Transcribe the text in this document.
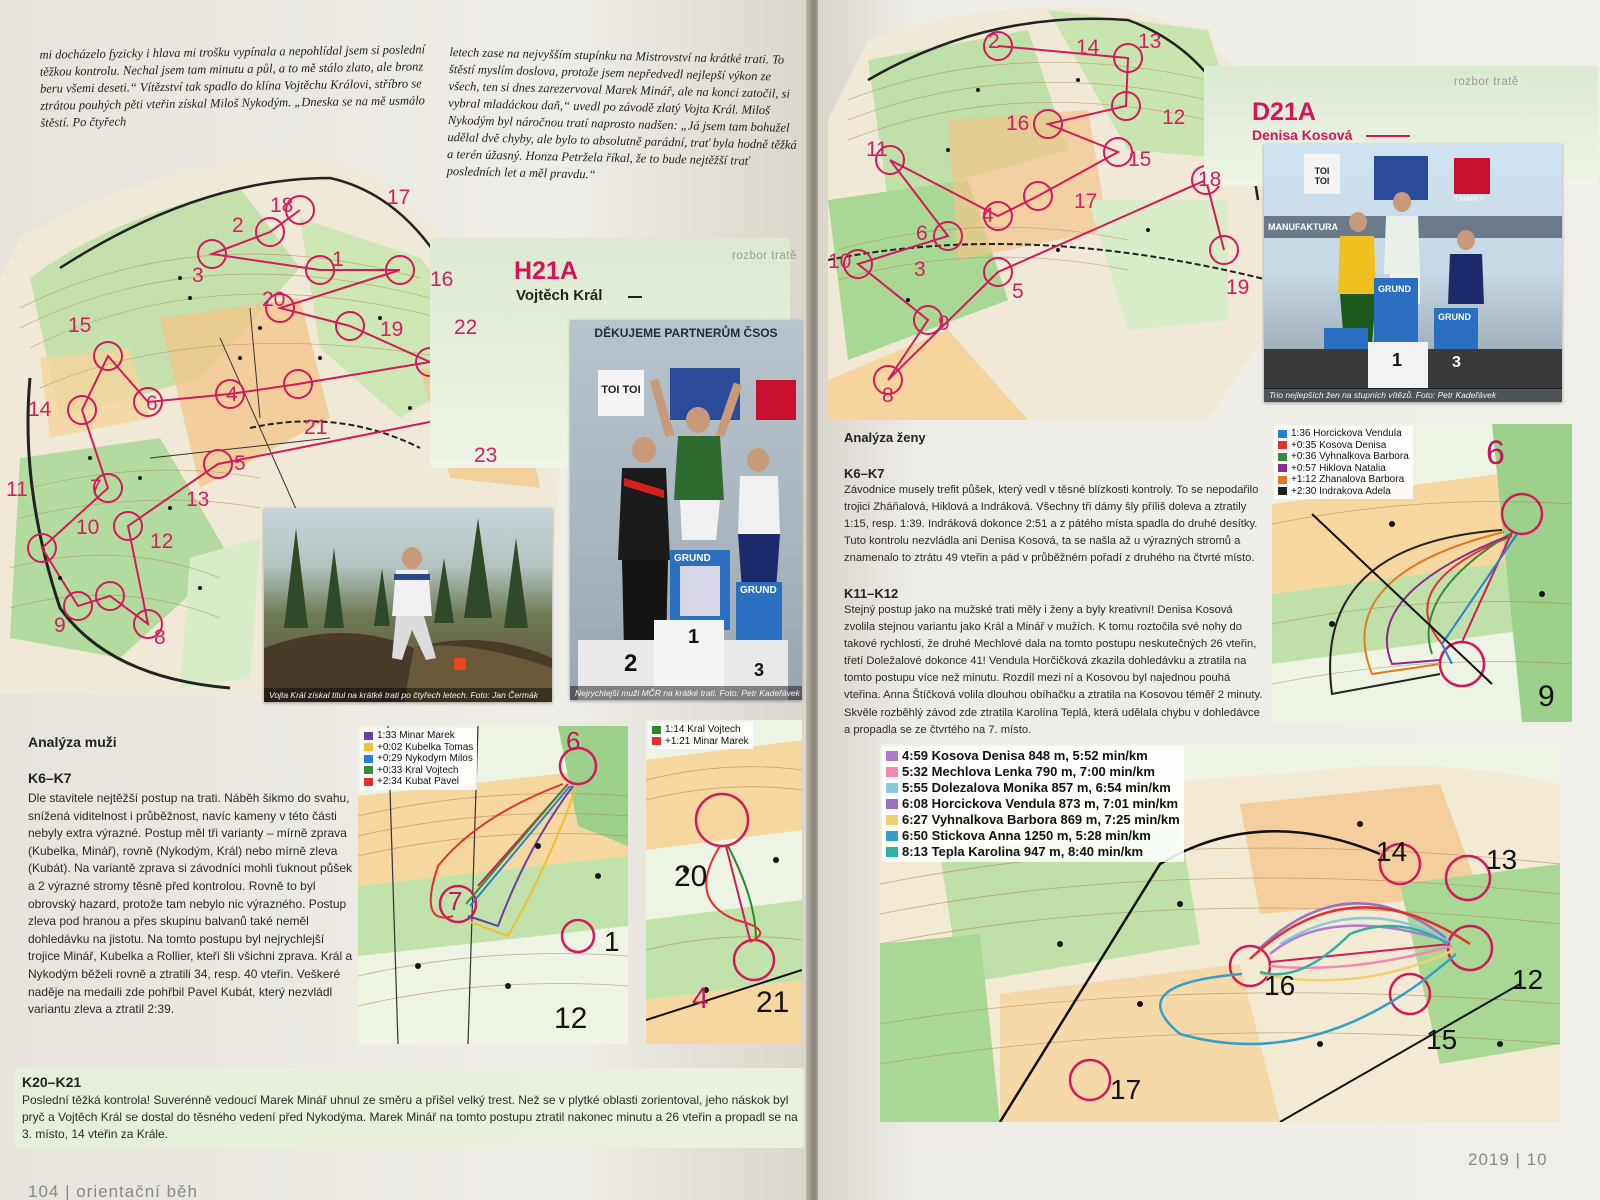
mi docházelo fyzicky i hlava mi trošku vypínala a nepohlídal jsem si poslední těžkou kontrolu. Nechal jsem tam minutu a půl, a to mě stálo zlato, ale bronz beru všemi deseti.“ Vítězství tak spadlo do klína Vojtěchu Královi, stříbro se ztrátou pouhých pěti vteřin získal Miloš Nykodým. „Dneska se na mě usmálo štěstí. Po čtyřech
letech zase na nejvyšším stupínku na Mistrovství na krátké trati. To štěstí myslím doslova, protože jsem nepředvedl nejlepší výkon ze všech, ten si dnes zarezervoval Marek Minář, ale na konci zatočil, si vybral mladáckou daň,“ uvedl po závodě zlatý Vojta Král. Miloš Nykodým byl náročnou tratí naprosto nadšen: „Já jsem tam bohužel udělal dvě chyby, ale bylo to absolutně parádní, trať byla hodně těžká a terén úžasný. Honza Petržela říkal, že to bude nejtěžší trať posledních let a měl pravdu.“
17
18
2
3
1
16
20
19 22
15
4
6
14
21
23
5
11	7
13
10
12
9
8
rozbor tratě
H21A
Vojtěch Král
Vojta Král získal titul na krátké trati po čtyřech letech. Foto: Jan Čermák
DĚKUJEME PARTNERŮM ČSOS
TOI TOI
GRUND
GRUND
2
1
3
Nejrychlejší muži MČR na krátké trati. Foto: Petr Kadeřávek
Analýza muži
K6–K7
Dle stavitele nejtěžší postup na trati. Náběh šikmo do svahu, snížená viditelnost i průběžnost, navíc kameny v této části nebyly extra výrazné. Postup měl tři varianty – mírně zprava (Kubelka, Minář), rovně (Nykodým, Král) nebo mírně zleva (Kubát). Na variantě zprava si závodníci mohli ťuknout půšek a 2 výrazné stromy těsně před kontrolou. Rovně to byl obrovský hazard, protože tam nebylo nic výrazného. Postup zleva pod hranou a přes skupinu balvanů také neměl dohledávku na jistotu. Na tomto postupu byl nejrychlejší trojice Minář, Kubelka a Rollier, kteří šli všichni zprava. Král a Nykodým běželi rovně a ztratili 34, resp. 40 vteřin. Veškeré naděje na medaili zde pohřbil Pavel Kubát, který nezvládl variantu zleva a ztratil 2:39.
1:33 Minar Marek
+0:02 Kubelka Tomas
+0:29 Nykodym Milos
+0:33 Kral Vojtech
+2:34 Kubat Pavel
6
7
1
12
1:14 Kral Vojtech
+1:21 Minar Marek
20
4 21
K20–K21
Poslední těžká kontrola! Suverénně vedoucí Marek Minář uhnul ze směru a přišel velký trest. Než se v plytké oblasti zorientoval, jeho náskok byl pryč a Vojtěch Král se dostal do těsného vedení před Nykodýma. Marek Minář na tomto postupu ztratil nakonec minutu a 26 vteřin a propadl se na 3. místo, 14 vteřin za Krále.
104 | orientační běh
2	13
14
12
16
15
17
11
18
4
3
6
10
5
9
8
19
rozbor tratě
D21A
Denisa Kosová
TOI TOI
GRUND
GRUND
MANUFAKTURA
T.MARFY
1	3
Trio nejlepších žen na stupních vítězů. Foto: Petr Kadeřávek
Analýza ženy
K6–K7
Závodnice musely trefit půšek, který vedl v těsné blízkosti kontroly. To se nepodařilo trojici Zháňalová, Hiklová a Indráková. Všechny tři dámy šly příliš doleva a ztratily 1:15, resp. 1:39. Indráková dokonce 2:51 a z pátého místa spadla do druhé desítky. Tuto kontrolu nezvládla ani Denisa Kosová, ta se našla až u výrazných stromů a znamenalo to ztrátu 49 vteřin a pád v průběžném pořadí z druhého na čtvrté místo.
K11–K12
Stejný postup jako na mužské trati měly i ženy a byly kreativní! Denisa Kosová zvolila stejnou variantu jako Král a Minář v mužích. K tomu roztočila své nohy do takové rychlosti, že druhé Mechlové dala na tomto postupu neskutečných 26 vteřin, třetí Doležalové dokonce 41! Vendula Horčičková zkazila dohledávku a ztratila na tomto postupu více než minutu. Rozdíl mezi ní a Kosovou byl najednou pouhá vteřina. Anna Štíčková volila dlouhou obíhačku a ztratila na Kosovou téměř 2 minuty. Skvěle rozběhlý závod zde ztratila Karolína Teplá, která udělala chybu v dohledávce a propadla se ze čtvrtého na 7. místo.
1:36 Horcickova Vendula
+0:35 Kosova Denisa
+0:36 Vyhnalkova Barbora
+0:57 Hiklova Natalia
+1:12 Zhanalova Barbora
+2:30 Indrakova Adela
6
9
4:59 Kosova Denisa 848 m, 5:52 min/km
5:32 Mechlova Lenka 790 m, 7:00 min/km
5:55 Dolezalova Monika 857 m, 6:54 min/km
6:08 Horcickova Vendula 873 m, 7:01 min/km
6:27 Vyhnalkova Barbora 869 m, 7:25 min/km
6:50 Stickova Anna 1250 m, 5:28 min/km
8:13 Tepla Karolina 947 m, 8:40 min/km	14	13
12
16
15
17
2019 | 10
